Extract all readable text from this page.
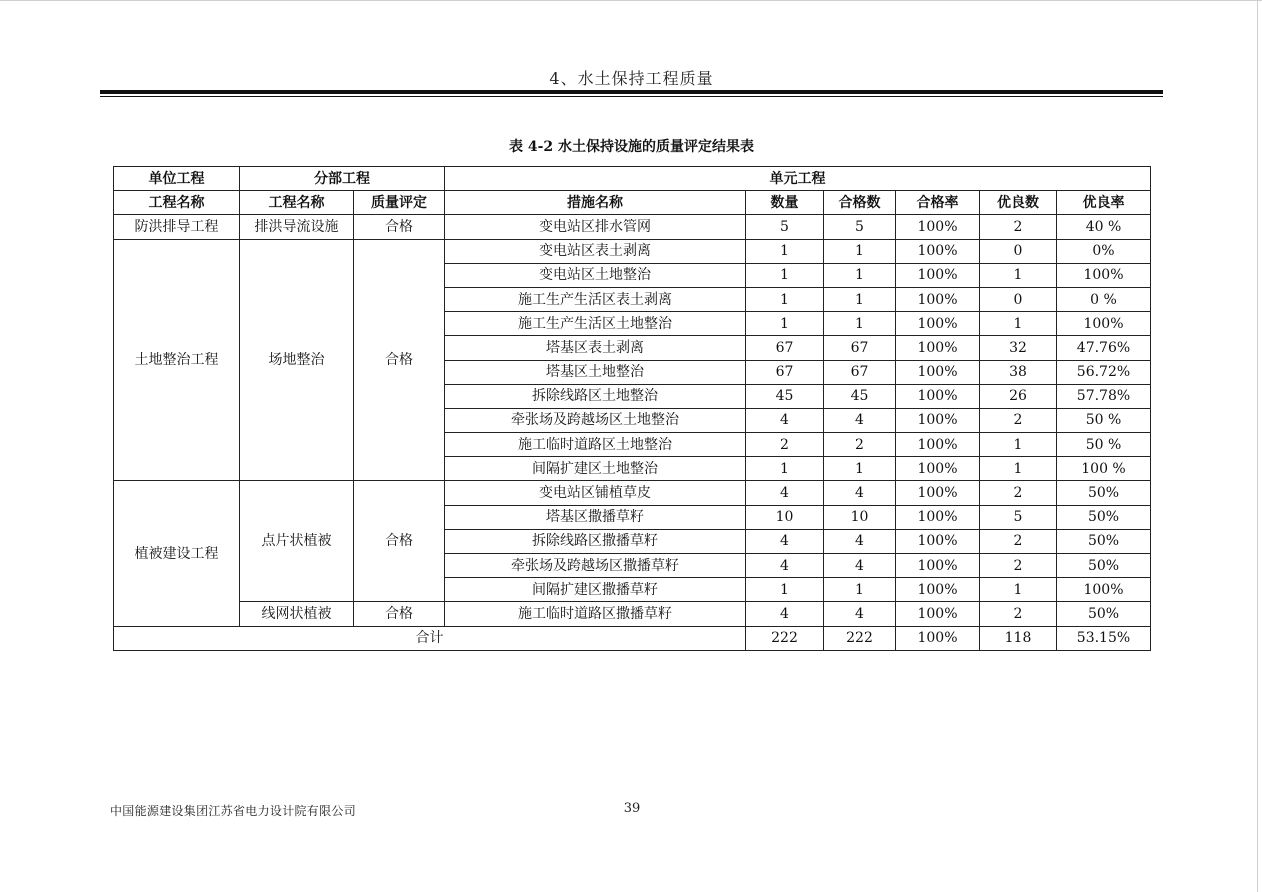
4、水土保持工程质量
表 4-2 水土保持设施的质量评定结果表
单位工程	分部工程		单元工程					
工程名称	工程名称	质量评定	措施名称	数量	合格数	合格率	优良数	优良率
防洪排导工程	排洪导流设施	合格	变电站区排水管网	5	5	100%	2	40 %
土地整治工程	场地整治	合格	变电站区表土剥离	1	1	100%	0	0%
			变电站区土地整治	1	1	100%	1	100%
			施工生产生活区表土剥离	1	1	100%	0	0 %
			施工生产生活区土地整治	1	1	100%	1	100%
			塔基区表土剥离	67	67	100%	32	47.76%
			塔基区土地整治	67	67	100%	38	56.72%
			拆除线路区土地整治	45	45	100%	26	57.78%
			牵张场及跨越场区土地整治	4	4	100%	2	50 %
			施工临时道路区土地整治	2	2	100%	1	50 %
			间隔扩建区土地整治	1	1	100%	1	100 %
植被建设工程	点片状植被	合格	变电站区铺植草皮	4	4	100%	2	50%
			塔基区撒播草籽	10	10	100%	5	50%
			拆除线路区撒播草籽	4	4	100%	2	50%
			牵张场及跨越场区撒播草籽	4	4	100%	2	50%
			间隔扩建区撒播草籽	1	1	100%	1	100%
	线网状植被	合格	施工临时道路区撒播草籽	4	4	100%	2	50%
合计				222	222	100%	118	53.15%
中国能源建设集团江苏省电力设计院有限公司	39
